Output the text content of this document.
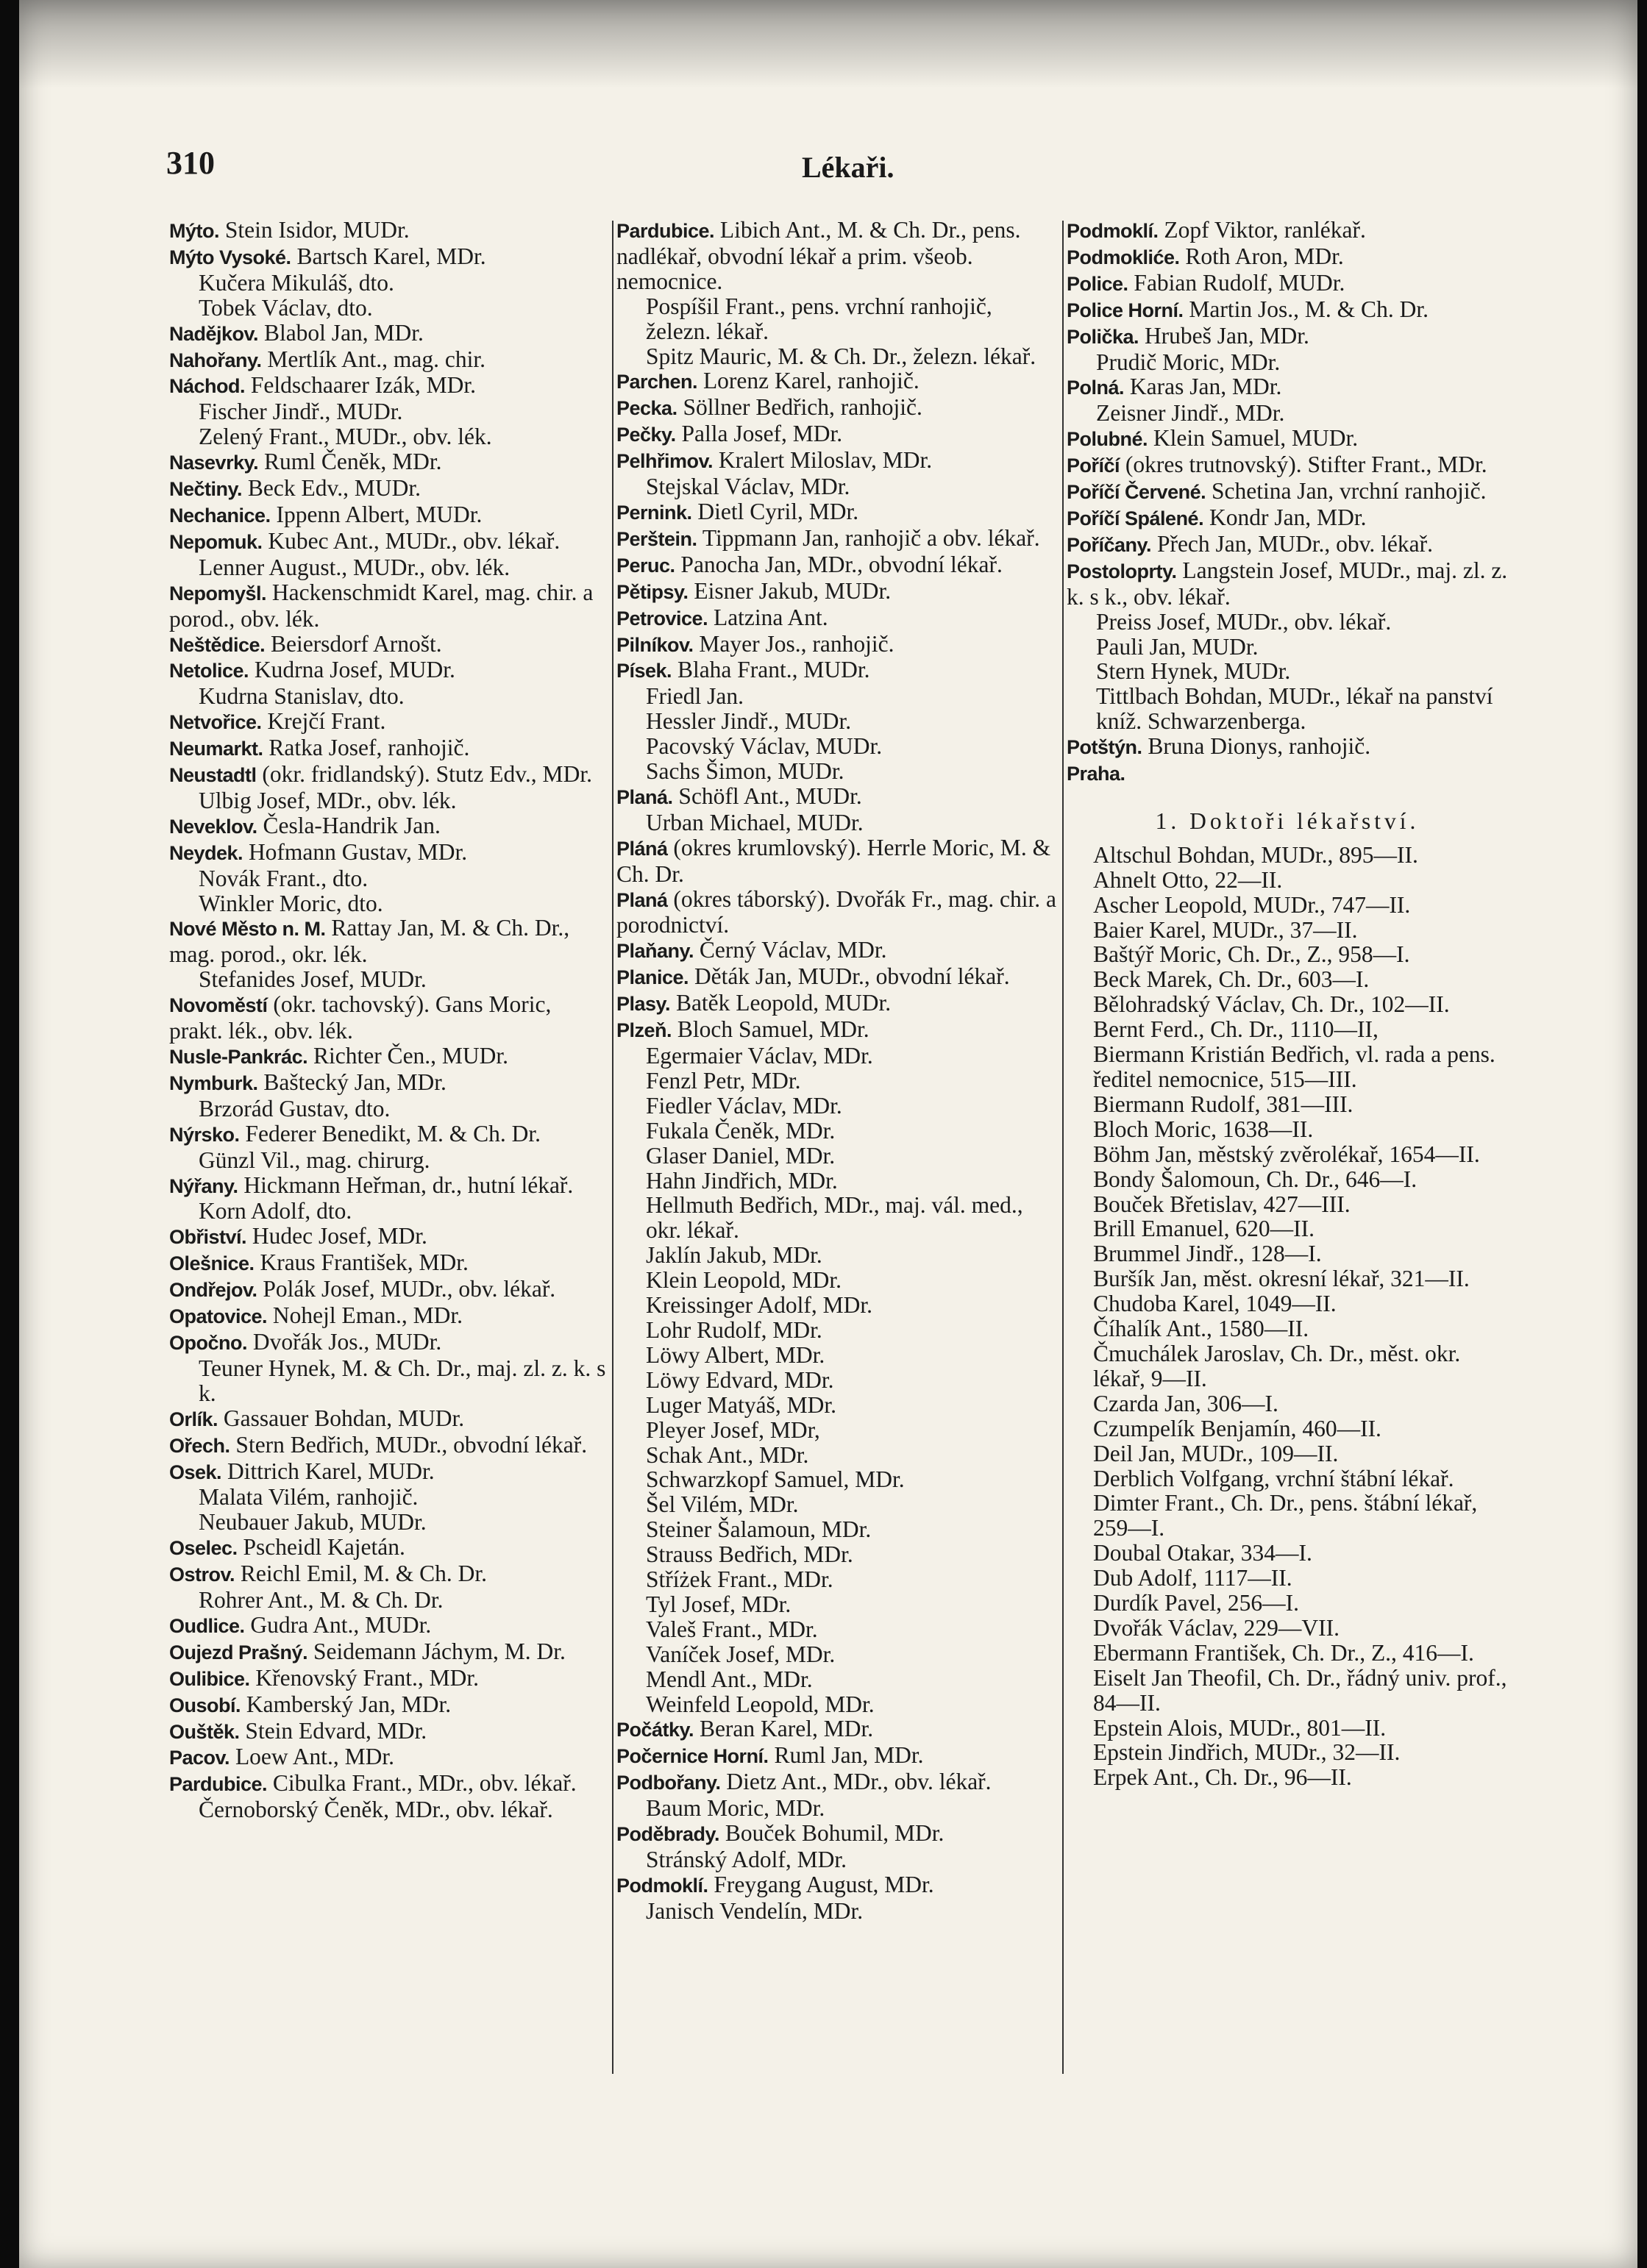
310	Lékaři.
Mýto. Stein Isidor, MUDr.
Mýto Vysoké. Bartsch Karel, MDr.
Kučera Mikuláš, dto.
Tobek Václav, dto.
Nadějkov. Blabol Jan, MDr.
Nahořany. Mertlík Ant., mag. chir.
Náchod. Feldschaarer Izák, MDr.
Fischer Jindř., MUDr.
Zelený Frant., MUDr., obv. lék.
Nasevrky. Ruml Čeněk, MDr.
Nečtiny. Beck Edv., MUDr.
Nechanice. Ippenn Albert, MUDr.
Nepomuk. Kubec Ant., MUDr., obv. lékař.
Lenner August., MUDr., obv. lék.
Nepomyšl. Hackenschmidt Karel, mag. chir. a porod., obv. lék.
Neštědice. Beiersdorf Arnošt.
Netolice. Kudrna Josef, MUDr.
Kudrna Stanislav, dto.
Netvořice. Krejčí Frant.
Neumarkt. Ratka Josef, ranhojič.
Neustadtl (okr. fridlandský). Stutz Edv., MDr.
Ulbig Josef, MDr., obv. lék.
Neveklov. Česla-Handrik Jan.
Neydek. Hofmann Gustav, MDr.
Novák Frant., dto.
Winkler Moric, dto.
Nové Město n. M. Rattay Jan, M. & Ch. Dr., mag. porod., okr. lék.
Stefanides Josef, MUDr.
Novoměstí (okr. tachovský). Gans Moric, prakt. lék., obv. lék.
Nusle-Pankrác. Richter Čen., MUDr.
Nymburk. Baštecký Jan, MDr.
Brzorád Gustav, dto.
Nýrsko. Federer Benedikt, M. & Ch. Dr.
Günzl Vil., mag. chirurg.
Nýřany. Hickmann Heřman, dr., hutní lékař.
Korn Adolf, dto.
Obřiství. Hudec Josef, MDr.
Olešnice. Kraus František, MDr.
Ondřejov. Polák Josef, MUDr., obv. lékař.
Opatovice. Nohejl Eman., MDr.
Opočno. Dvořák Jos., MUDr.
Teuner Hynek, M. & Ch. Dr., maj. zl. z. k. s k.
Orlík. Gassauer Bohdan, MUDr.
Ořech. Stern Bedřich, MUDr., obvodní lékař.
Osek. Dittrich Karel, MUDr.
Malata Vilém, ranhojič.
Neubauer Jakub, MUDr.
Oselec. Pscheidl Kajetán.
Ostrov. Reichl Emil, M. & Ch. Dr.
Rohrer Ant., M. & Ch. Dr.
Oudlice. Gudra Ant., MUDr.
Oujezd Prašný. Seidemann Jáchym, M. Dr.
Oulibice. Křenovský Frant., MDr.
Ousobí. Kamberský Jan, MDr.
Ouštěk. Stein Edvard, MDr.
Pacov. Loew Ant., MDr.
Pardubice. Cibulka Frant., MDr., obv. lékař.
Černoborský Čeněk, MDr., obv. lékař.
Pardubice. Libich Ant., M. & Ch. Dr., pens. nadlékař, obvodní lékař a prim. všeob. nemocnice.
Pospíšil Frant., pens. vrchní ranhojič, železn. lékař.
Spitz Mauric, M. & Ch. Dr., železn. lékař.
Parchen. Lorenz Karel, ranhojič.
Pecka. Söllner Bedřich, ranhojič.
Pečky. Palla Josef, MDr.
Pelhřimov. Kralert Miloslav, MDr.
Stejskal Václav, MDr.
Pernink. Dietl Cyril, MDr.
Perštein. Tippmann Jan, ranhojič a obv. lékař.
Peruc. Panocha Jan, MDr., obvodní lékař.
Pětipsy. Eisner Jakub, MUDr.
Petrovice. Latzina Ant.
Pilníkov. Mayer Jos., ranhojič.
Písek. Blaha Frant., MUDr.
Friedl Jan.
Hessler Jindř., MUDr.
Pacovský Václav, MUDr.
Sachs Šimon, MUDr.
Planá. Schöfl Ant., MUDr.
Urban Michael, MUDr.
Pláná (okres krumlovský). Herrle Moric, M. & Ch. Dr.
Planá (okres táborský). Dvořák Fr., mag. chir. a porodnictví.
Plaňany. Černý Václav, MDr.
Planice. Děták Jan, MUDr., obvodní lékař.
Plasy. Batěk Leopold, MUDr.
Plzeň. Bloch Samuel, MDr.
Egermaier Václav, MDr.
Fenzl Petr, MDr.
Fiedler Václav, MDr.
Fukala Čeněk, MDr.
Glaser Daniel, MDr.
Hahn Jindřich, MDr.
Hellmuth Bedřich, MDr., maj. vál. med., okr. lékař.
Jaklín Jakub, MDr.
Klein Leopold, MDr.
Kreissinger Adolf, MDr.
Lohr Rudolf, MDr.
Löwy Albert, MDr.
Löwy Edvard, MDr.
Luger Matyáš, MDr.
Pleyer Josef, MDr,
Schak Ant., MDr.
Schwarzkopf Samuel, MDr.
Šel Vilém, MDr.
Steiner Šalamoun, MDr.
Strauss Bedřich, MDr.
Stříżek Frant., MDr.
Tyl Josef, MDr.
Valeš Frant., MDr.
Vaníček Josef, MDr.
Mendl Ant., MDr.
Weinfeld Leopold, MDr.
Počátky. Beran Karel, MDr.
Počernice Horní. Ruml Jan, MDr.
Podbořany. Dietz Ant., MDr., obv. lékař.
Baum Moric, MDr.
Poděbrady. Bouček Bohumil, MDr.
Stránský Adolf, MDr.
Podmoklí. Freygang August, MDr.
Janisch Vendelín, MDr.
Podmoklí. Zopf Viktor, ranlékař.
Podmokliće. Roth Aron, MDr.
Police. Fabian Rudolf, MUDr.
Police Horní. Martin Jos., M. & Ch. Dr.
Polička. Hrubeš Jan, MDr.
Prudič Moric, MDr.
Polná. Karas Jan, MDr.
Zeisner Jindř., MDr.
Polubné. Klein Samuel, MUDr.
Poříčí (okres trutnovský). Stifter Frant., MDr.
Poříčí Červené. Schetina Jan, vrchní ranhojič.
Poříčí Spálené. Kondr Jan, MDr.
Poříčany. Přech Jan, MUDr., obv. lékař.
Postoloprty. Langstein Josef, MUDr., maj. zl. z. k. s k., obv. lékař.
Preiss Josef, MUDr., obv. lékař.
Pauli Jan, MUDr.
Stern Hynek, MUDr.
Tittlbach Bohdan, MUDr., lékař na panství kníž. Schwarzenberga.
Potštýn. Bruna Dionys, ranhojič.
Praha.
1. Doktoři lékařství.
Altschul Bohdan, MUDr., 895—II.
Ahnelt Otto, 22—II.
Ascher Leopold, MUDr., 747—II.
Baier Karel, MUDr., 37—II.
Baštýř Moric, Ch. Dr., Z., 958—I.
Beck Marek, Ch. Dr., 603—I.
Bělohradský Václav, Ch. Dr., 102—II.
Bernt Ferd., Ch. Dr., 1110—II,
Biermann Kristián Bedřich, vl. rada a pens. ředitel nemocnice, 515—III.
Biermann Rudolf, 381—III.
Bloch Moric, 1638—II.
Böhm Jan, městský zvěrolékař, 1654—II.
Bondy Šalomoun, Ch. Dr., 646—I.
Bouček Břetislav, 427—III.
Brill Emanuel, 620—II.
Brummel Jindř., 128—I.
Buršík Jan, měst. okresní lékař, 321—II.
Chudoba Karel, 1049—II.
Číhalík Ant., 1580—II.
Čmuchálek Jaroslav, Ch. Dr., měst. okr. lékař, 9—II.
Czarda Jan, 306—I.
Czumpelík Benjamín, 460—II.
Deil Jan, MUDr., 109—II.
Derblich Volfgang, vrchní štábní lékař.
Dimter Frant., Ch. Dr., pens. štábní lékař, 259—I.
Doubal Otakar, 334—I.
Dub Adolf, 1117—II.
Durdík Pavel, 256—I.
Dvořák Václav, 229—VII.
Ebermann František, Ch. Dr., Z., 416—I.
Eiselt Jan Theofil, Ch. Dr., řádný univ. prof., 84—II.
Epstein Alois, MUDr., 801—II.
Epstein Jindřich, MUDr., 32—II.
Erpek Ant., Ch. Dr., 96—II.
